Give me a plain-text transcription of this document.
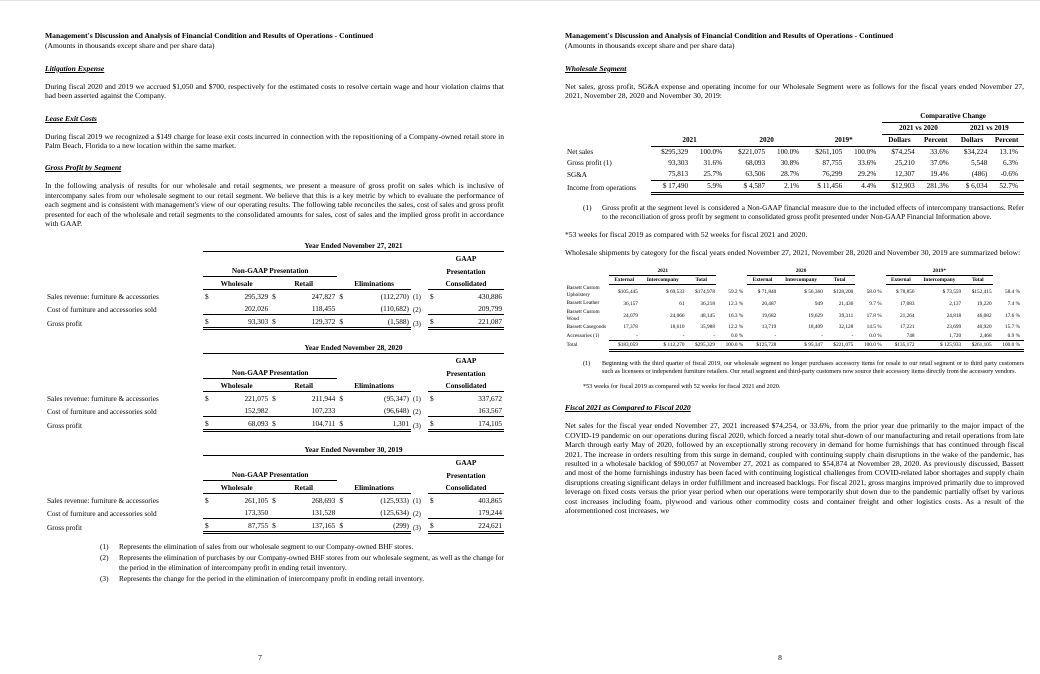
Management's Discussion and Analysis of Financial Condition and Results of Operations - Continued
(Amounts in thousands except share and per share data)
Litigation Expense

During fiscal 2020 and 2019 we accrued $1,050 and $700, respectively for the estimated costs to resolve certain wage and hour violation claims that had been asserted against the Company.

Lease Exit Costs

During fiscal 2019 we recognized a $149 charge for lease exit costs incurred in connection with the repositioning of a Company-owned retail store in Palm Beach, Florida to a new location within the same market.

Gross Profit by Segment

In the following analysis of results for our wholesale and retail segments, we present a measure of gross profit on sales which is inclusive of intercompany sales from our wholesale segment to our retail segment. We believe that this is a key metric by which to evaluate the performance of each segment and is consistent with management's view of our operating results. The following table reconciles the sales, cost of sales and gross profit presented for each of the wholesale and retail segments to the consolidated amounts for sales, cost of sales and the implied gross profit in accordance with GAAP.

	Year Ended November 27, 2021								
								GAAP	
	Non-GAAP Presentation							Presentation	
	Wholesale		Retail		Eliminations			Consolidated	
Sales revenue: furniture & accessories	$	295,329	$	247,827	$	(112,270)	(1)	$	430,886
Cost of furniture and accessories sold		202,026		118,455		(110,682)	(2)		209,799
Gross profit	$	93,303	$	129,372	$	(1,588)	(3)	$	221,087
	Year Ended November 28, 2020								
								GAAP	
	Non-GAAP Presentation							Presentation	
	Wholesale		Retail		Eliminations			Consolidated	
Sales revenue: furniture & accessories	$	221,075	$	211,944	$	(95,347)	(1)	$	337,672
Cost of furniture and accessories sold		152,982		107,233		(96,648)	(2)		163,567
Gross profit	$	68,093	$	104,711	$	1,301	(3)	$	174,105
	Year Ended November 30, 2019								
								GAAP	
	Non-GAAP Presentation							Presentation	
	Wholesale		Retail		Eliminations			Consolidated	
Sales revenue: furniture & accessories	$	261,105	$	268,693	$	(125,933)	(1)	$	403,865
Cost of furniture and accessories sold		173,350		131,528		(125,634)	(2)		179,244
Gross profit	$	87,755	$	137,165	$	(299)	(3)	$	224,621
(1)	Represents the elimination of sales from our wholesale segment to our Company-owned BHF stores.
(2)	Represents the elimination of purchases by our Company-owned BHF stores from our wholesale segment, as well as the change for the period in the elimination of intercompany profit in ending retail inventory.
(3)	Represents the change for the period in the elimination of intercompany profit in ending retail inventory.
7
Management's Discussion and Analysis of Financial Condition and Results of Operations - Continued
(Amounts in thousands except share and per share data)
Wholesale Segment

Net sales, gross profit, SG&A expense and operating income for our Wholesale Segment were as follows for the fiscal years ended November 27, 2021, November 28, 2020 and November 30, 2019:

							Comparative Change			
							2021 vs 2020		2021 vs 2019	
	2021		2020		2019*		Dollars	Percent	Dollars	Percent
Net sales	$295,329	100.0%	$221,075	100.0%	$261,105	100.0%	$74,254	33.6%	$34,224	13.1%
Gross profit (1)	93,303	31.6%	68,093	30.8%	87,755	33.6%	25,210	37.0%	5,548	6.3%
SG&A	75,813	25.7%	63,506	28.7%	76,299	29.2%	12,307	19.4%	(486)	-0.6%
Income from operations	$ 17,490	5.9%	$ 4,587	2.1%	$ 11,456	4.4%	$12,903	281.3%	$ 6,034	52.7%
(1)	Gross profit at the segment level is considered a Non-GAAP financial measure due to the included effects of intercompany transactions. Refer to the reconciliation of gross profit by segment to consolidated gross profit presented under Non-GAAP Financial Information above.

*53 weeks for fiscal 2019 as compared with 52 weeks for fiscal 2021 and 2020.

Wholesale shipments by category for the fiscal years ended November 27, 2021, November 28, 2020 and November 30, 2019 are summarized below:

	2021				2020				2019*			
	External	Intercompany	Total		External	Intercompany	Total		External	Intercompany	Total	
Bassett Custom Upholstery	$105,445	$ 69,533	$174,978	59.2 %	$ 71,840	$ 56,360	$128,200	58.0 %	$ 78,856	$ 73,559	$152,415	58.4 %
Bassett Leather	36,157	61	36,218	12.3 %	20,487	949	21,436	9.7 %	17,083	2,137	19,220	7.4 %
Bassett Custom Wood	24,079	24,066	48,145	16.3 %	19,682	19,629	39,311	17.8 %	21,264	24,818	46,082	17.6 %
Bassett Casegoods	17,378	18,610	35,988	12.2 %	13,719	18,409	32,128	14.5 %	17,221	23,699	40,920	15.7 %
Accessories (1)	-	-	-	0.0 %	-	-	-	0.0 %	748	1,720	2,468	0.9 %
Total	$183,059	$ 112,270	$295,329	100.0 %	$125,728	$ 95,347	$221,075	100.0 %	$135,172	$ 125,933	$261,105	100.0 %
(1)	Beginning with the third quarter of fiscal 2019, our wholesale segment no longer purchases accessory items for resale to our retail segment or to third party customers such as licensees or independent furniture retailers. Our retail segment and third-party customers now source their accessory items directly from the accessory vendors.

*53 weeks for fiscal 2019 as compared with 52 weeks for fiscal 2021 and 2020.

Fiscal 2021 as Compared to Fiscal 2020

Net sales for the fiscal year ended November 27, 2021 increased $74,254, or 33.6%, from the prior year due primarily to the major impact of the COVID-19 pandemic on our operations during fiscal 2020, which forced a nearly total shut-down of our manufacturing and retail operations from late March through early May of 2020, followed by an exceptionally strong recovery in demand for home furnishings that has continued through fiscal 2021. The increase in orders resulting from this surge in demand, coupled with continuing supply chain disruptions in the wake of the pandemic, has resulted in a wholesale backlog of $90,057 at November 27, 2021 as compared to $54,874 at November 28, 2020. As previously discussed, Bassett and most of the home furnishings industry has been faced with continuing logistical challenges from COVID-related labor shortages and supply chain disruptions creating significant delays in order fulfillment and increased backlogs. For fiscal 2021, gross margins improved primarily due to improved leverage on fixed costs versus the prior year period when our operations were temporarily shut down due to the pandemic partially offset by various cost increases including foam, plywood and various other commodity costs and container freight and other logistics costs. As a result of the aforementioned cost increases, we

8
